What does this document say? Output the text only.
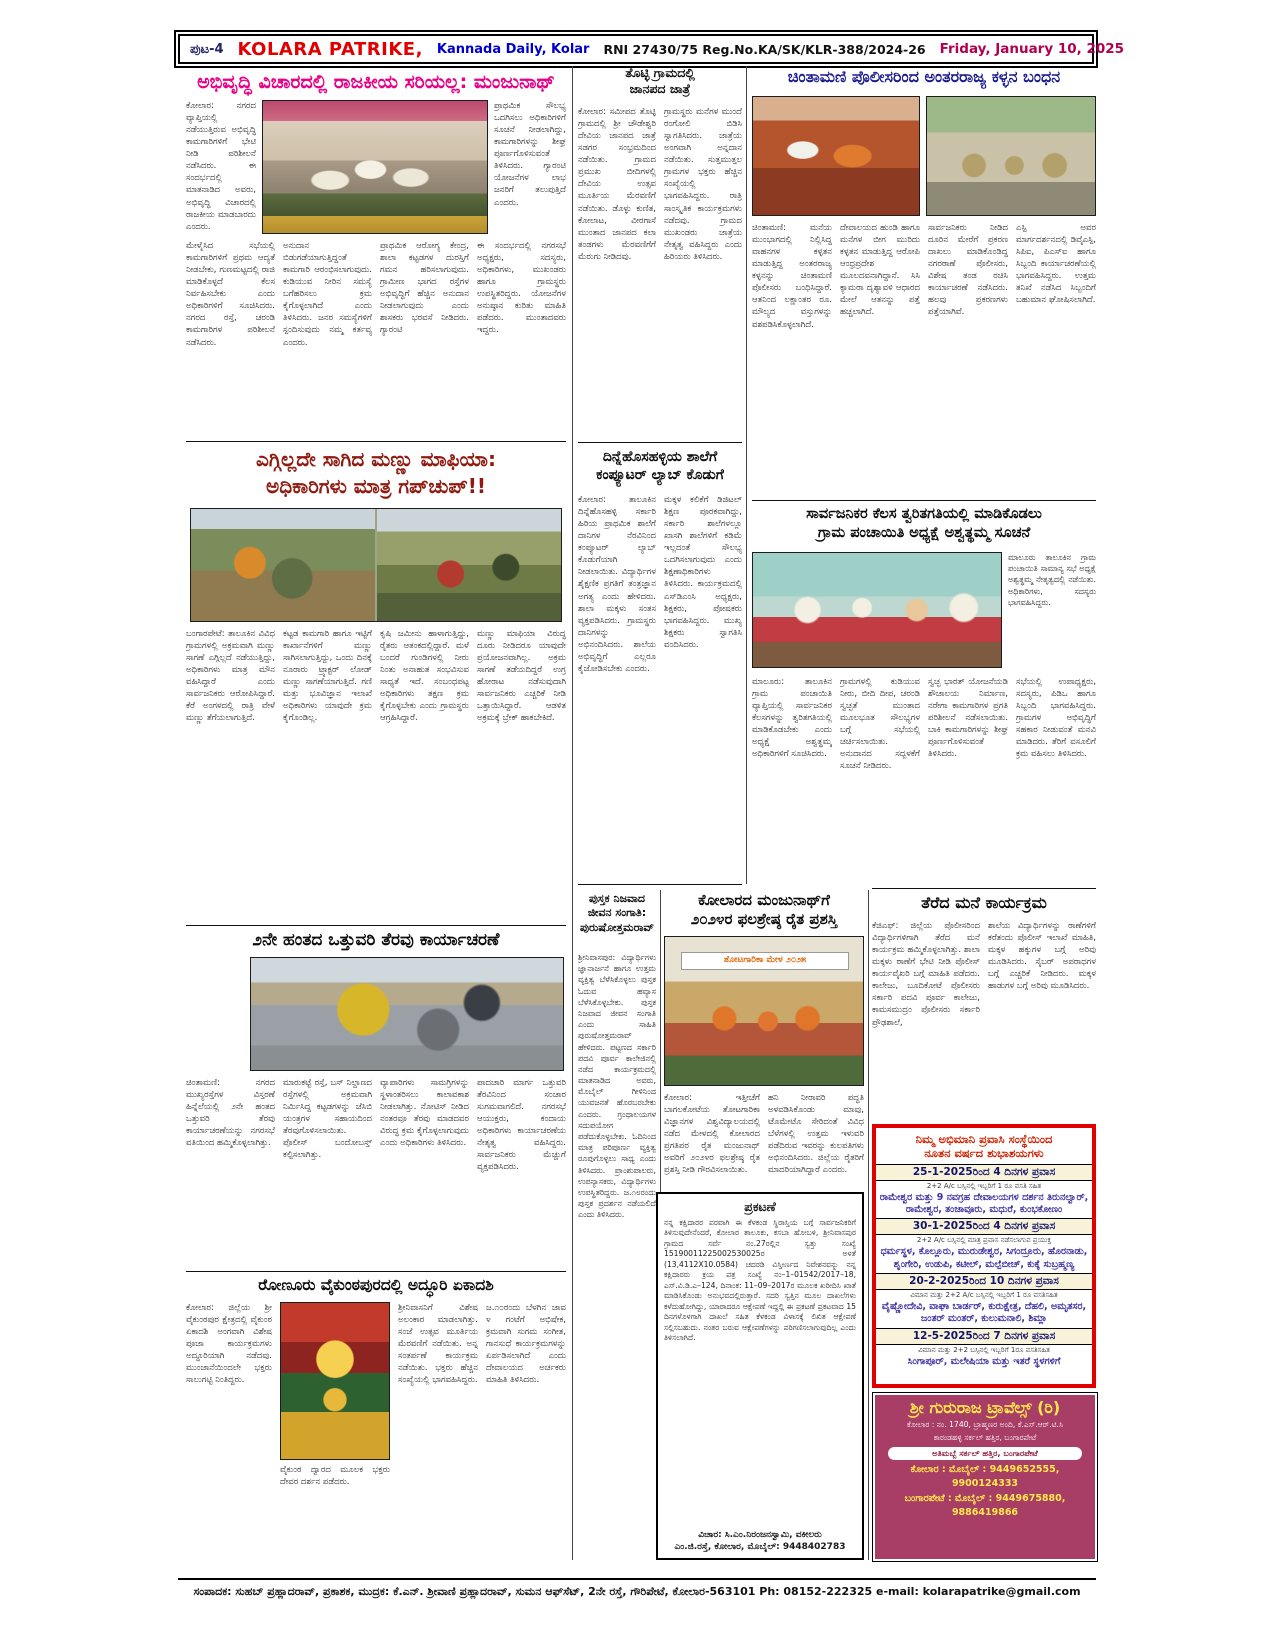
ಪುಟ-4 KOLARA PATRIKE, Kannada Daily, Kolar RNI 27430/75 Reg.No.KA/SK/KLR-388/2024-26 Friday, January 10, 2025
ಅಭಿವೃದ್ಧಿ ವಿಚಾರದಲ್ಲಿ ರಾಜಕೀಯ ಸರಿಯಲ್ಲ: ಮಂಜುನಾಥ್
ಕೋಲಾರ: ನಗರದ ವ್ಯಾಪ್ತಿಯಲ್ಲಿ ನಡೆಯುತ್ತಿರುವ ಅಭಿವೃದ್ಧಿ ಕಾಮಗಾರಿಗಳಿಗೆ ಭೇಟಿ ನೀಡಿ ಪರಿಶೀಲನೆ ನಡೆಸಿದರು. ಈ ಸಂದರ್ಭದಲ್ಲಿ ಮಾತನಾಡಿದ ಅವರು, ಅಭಿವೃದ್ಧಿ ವಿಚಾರದಲ್ಲಿ ರಾಜಕೀಯ ಮಾಡಬಾರದು ಎಂದರು.
ಪ್ರಾಥಮಿಕ ಸೌಲಭ್ಯ ಒದಗಿಸಲು ಅಧಿಕಾರಿಗಳಿಗೆ ಸೂಚನೆ ನೀಡಲಾಗಿದ್ದು, ಕಾಮಗಾರಿಗಳನ್ನು ಶೀಘ್ರ ಪೂರ್ಣಗೊಳಿಸುವಂತೆ ತಿಳಿಸಿದರು. ಗ್ಯಾರಂಟಿ ಯೋಜನೆಗಳ ಲಾಭ ಜನರಿಗೆ ತಲುಪುತ್ತಿದೆ ಎಂದರು.
ಮೇಳೈಸಿದ ಸಭೆಯಲ್ಲಿ ಕಾಮಗಾರಿಗಳಿಗೆ ಪ್ರಥಮ ಆದ್ಯತೆ ನೀಡಬೇಕು, ಗುಣಮಟ್ಟದಲ್ಲಿ ರಾಜಿ ಮಾಡಿಕೊಳ್ಳದೆ ಕೆಲಸ ನಿರ್ವಹಿಸಬೇಕು ಎಂದು ಅಧಿಕಾರಿಗಳಿಗೆ ಸೂಚಿಸಿದರು. ನಗರದ ರಸ್ತೆ, ಚರಂಡಿ ಕಾಮಗಾರಿಗಳ ಪರಿಶೀಲನೆ ನಡೆಸಿದರು.
ಅನುದಾನ ಬಿಡುಗಡೆಯಾಗುತ್ತಿದ್ದಂತೆ ಕಾಮಗಾರಿ ಆರಂಭಿಸಲಾಗುವುದು. ಕುಡಿಯುವ ನೀರಿನ ಸಮಸ್ಯೆ ಬಗೆಹರಿಸಲು ಕ್ರಮ ಕೈಗೊಳ್ಳಲಾಗಿದೆ ಎಂದು ತಿಳಿಸಿದರು. ಜನರ ಸಮಸ್ಯೆಗಳಿಗೆ ಸ್ಪಂದಿಸುವುದು ನಮ್ಮ ಕರ್ತವ್ಯ ಎಂದರು.
ಪ್ರಾಥಮಿಕ ಆರೋಗ್ಯ ಕೇಂದ್ರ, ಶಾಲಾ ಕಟ್ಟಡಗಳ ದುರಸ್ತಿಗೆ ಗಮನ ಹರಿಸಲಾಗುವುದು. ಗ್ರಾಮೀಣ ಭಾಗದ ರಸ್ತೆಗಳ ಅಭಿವೃದ್ಧಿಗೆ ಹೆಚ್ಚಿನ ಅನುದಾನ ನೀಡಲಾಗುವುದು ಎಂದು ಶಾಸಕರು ಭರವಸೆ ನೀಡಿದರು. ಗ್ಯಾರಂಟಿ
ಈ ಸಂದರ್ಭದಲ್ಲಿ ನಗರಸಭೆ ಅಧ್ಯಕ್ಷರು, ಸದಸ್ಯರು, ಅಧಿಕಾರಿಗಳು, ಮುಖಂಡರು ಹಾಗೂ ಗ್ರಾಮಸ್ಥರು ಉಪಸ್ಥಿತರಿದ್ದರು. ಯೋಜನೆಗಳ ಅನುಷ್ಠಾನ ಕುರಿತು ಮಾಹಿತಿ ಪಡೆದರು. ಮುಂತಾದವರು ಇದ್ದರು.
ಎಗ್ಗಿಲ್ಲದೇ ಸಾಗಿದ ಮಣ್ಣು ಮಾಫಿಯಾ:
ಅಧಿಕಾರಿಗಳು ಮಾತ್ರ ಗಪ್‌ಚುಪ್!!
ಬಂಗಾರಪೇಟೆ: ತಾಲೂಕಿನ ವಿವಿಧ ಗ್ರಾಮಗಳಲ್ಲಿ ಅಕ್ರಮವಾಗಿ ಮಣ್ಣು ಸಾಗಣೆ ಎಗ್ಗಿಲ್ಲದೆ ನಡೆಯುತ್ತಿದ್ದು, ಅಧಿಕಾರಿಗಳು ಮಾತ್ರ ಮೌನ ವಹಿಸಿದ್ದಾರೆ ಎಂದು ಸಾರ್ವಜನಿಕರು ಆರೋಪಿಸಿದ್ದಾರೆ. ಕೆರೆ ಅಂಗಳದಲ್ಲಿ ರಾತ್ರಿ ವೇಳೆ ಮಣ್ಣು ತೆಗೆಯಲಾಗುತ್ತಿದೆ.
ಕಟ್ಟಡ ಕಾಮಗಾರಿ ಹಾಗೂ ಇಟ್ಟಿಗೆ ಕಾರ್ಖಾನೆಗಳಿಗೆ ಮಣ್ಣು ಸಾಗಿಸಲಾಗುತ್ತಿದ್ದು, ಒಂದು ದಿನಕ್ಕೆ ನೂರಾರು ಟ್ರ್ಯಾಕ್ಟರ್ ಲೋಡ್ ಮಣ್ಣು ಸಾಗಣೆಯಾಗುತ್ತಿದೆ. ಗಣಿ ಮತ್ತು ಭೂವಿಜ್ಞಾನ ಇಲಾಖೆ ಅಧಿಕಾರಿಗಳು ಯಾವುದೇ ಕ್ರಮ ಕೈಗೊಂಡಿಲ್ಲ.
ಕೃಷಿ ಜಮೀನು ಹಾಳಾಗುತ್ತಿದ್ದು, ರೈತರು ಆತಂಕದಲ್ಲಿದ್ದಾರೆ. ಮಳೆ ಬಂದರೆ ಗುಂಡಿಗಳಲ್ಲಿ ನೀರು ನಿಂತು ಅನಾಹುತ ಸಂಭವಿಸುವ ಸಾಧ್ಯತೆ ಇದೆ. ಸಂಬಂಧಪಟ್ಟ ಅಧಿಕಾರಿಗಳು ತಕ್ಷಣ ಕ್ರಮ ಕೈಗೊಳ್ಳಬೇಕು ಎಂದು ಗ್ರಾಮಸ್ಥರು ಆಗ್ರಹಿಸಿದ್ದಾರೆ.
ಮಣ್ಣು ಮಾಫಿಯಾ ವಿರುದ್ಧ ದೂರು ನೀಡಿದರೂ ಯಾವುದೇ ಪ್ರಯೋಜನವಾಗಿಲ್ಲ. ಅಕ್ರಮ ಸಾಗಣೆ ತಡೆಯದಿದ್ದರೆ ಉಗ್ರ ಹೋರಾಟ ನಡೆಸುವುದಾಗಿ ಸಾರ್ವಜನಿಕರು ಎಚ್ಚರಿಕೆ ನೀಡಿ ಒತ್ತಾಯಿಸಿದ್ದಾರೆ. ಆಡಳಿತ ಅಕ್ರಮಕ್ಕೆ ಬ್ರೇಕ್ ಹಾಕಬೇಕಿದೆ.
೨ನೇ ಹಂತದ ಒತ್ತುವರಿ ತೆರವು ಕಾರ್ಯಾಚರಣೆ
ಚಿಂತಾಮಣಿ: ನಗರದ ಮುಖ್ಯರಸ್ತೆಗಳ ವಿಸ್ತರಣೆ ಹಿನ್ನೆಲೆಯಲ್ಲಿ ೨ನೇ ಹಂತದ ಒತ್ತುವರಿ ತೆರವು ಕಾರ್ಯಾಚರಣೆಯನ್ನು ನಗರಸಭೆ ವತಿಯಿಂದ ಹಮ್ಮಿಕೊಳ್ಳಲಾಗಿತ್ತು.
ಮಾರುಕಟ್ಟೆ ರಸ್ತೆ, ಬಸ್ ನಿಲ್ದಾಣದ ರಸ್ತೆಗಳಲ್ಲಿ ಅಕ್ರಮವಾಗಿ ನಿರ್ಮಿಸಿದ್ದ ಕಟ್ಟಡಗಳನ್ನು ಜೆಸಿಬಿ ಯಂತ್ರಗಳ ಸಹಾಯದಿಂದ ತೆರವುಗೊಳಿಸಲಾಯಿತು. ಪೊಲೀಸ್ ಬಂದೋಬಸ್ತ್ ಕಲ್ಪಿಸಲಾಗಿತ್ತು.
ವ್ಯಾಪಾರಿಗಳು ಸಾಮಗ್ರಿಗಳನ್ನು ಸ್ಥಳಾಂತರಿಸಲು ಕಾಲಾವಕಾಶ ನೀಡಲಾಗಿತ್ತು. ನೋಟಿಸ್ ನೀಡಿದ ನಂತರವೂ ತೆರವು ಮಾಡದವರ ವಿರುದ್ಧ ಕ್ರಮ ಕೈಗೊಳ್ಳಲಾಗುವುದು ಎಂದು ಅಧಿಕಾರಿಗಳು ತಿಳಿಸಿದರು.
ಪಾದಚಾರಿ ಮಾರ್ಗ ಒತ್ತುವರಿ ತೆರವಿನಿಂದ ಸಂಚಾರ ಸುಗಮವಾಗಲಿದೆ. ನಗರಸಭೆ ಆಯುಕ್ತರು, ಕಂದಾಯ ಅಧಿಕಾರಿಗಳು ಕಾರ್ಯಾಚರಣೆಯ ನೇತೃತ್ವ ವಹಿಸಿದ್ದರು. ಸಾರ್ವಜನಿಕರು ಮೆಚ್ಚುಗೆ ವ್ಯಕ್ತಪಡಿಸಿದರು.
ರೋಣೂರು ವೈಕುಂಠಪುರದಲ್ಲಿ ಅದ್ಧೂರಿ ಏಕಾದಶಿ
ಕೋಲಾರ: ಜಿಲ್ಲೆಯ ಶ್ರೀ ವೈಕುಂಠಪುರ ಕ್ಷೇತ್ರದಲ್ಲಿ ವೈಕುಂಠ ಏಕಾದಶಿ ಅಂಗವಾಗಿ ವಿಶೇಷ ಪೂಜಾ ಕಾರ್ಯಕ್ರಮಗಳು ಅದ್ಧೂರಿಯಾಗಿ ನಡೆದವು. ಮುಂಜಾನೆಯಿಂದಲೇ ಭಕ್ತರು ಸಾಲುಗಟ್ಟಿ ನಿಂತಿದ್ದರು.
ವೈಕುಂಠ ದ್ವಾರದ ಮೂಲಕ ಭಕ್ತರು ದೇವರ ದರ್ಶನ ಪಡೆದರು.
ಶ್ರೀನಿವಾಸನಿಗೆ ವಿಶೇಷ ಅಲಂಕಾರ ಮಾಡಲಾಗಿತ್ತು. ಸಂಜೆ ಉತ್ಸವ ಮೂರ್ತಿಯ ಮೆರವಣಿಗೆ ನಡೆಯಿತು. ಅನ್ನ ಸಂತರ್ಪಣೆ ಕಾರ್ಯಕ್ರಮ ನಡೆಯಿತು. ಭಕ್ತರು ಹೆಚ್ಚಿನ ಸಂಖ್ಯೆಯಲ್ಲಿ ಭಾಗವಹಿಸಿದ್ದರು.
ಜ.೧೦ರಂದು ಬೆಳಗಿನ ಜಾವ ೪ ಗಂಟೆಗೆ ಅಭಿಷೇಕ, ಕ್ರಮವಾಗಿ ಸುಗಮ ಸಂಗೀತ, ಗಾನಸುಧೆ ಕಾರ್ಯಕ್ರಮಗಳನ್ನು ಏರ್ಪಡಿಸಲಾಗಿದೆ ಎಂದು ದೇವಾಲಯದ ಅರ್ಚಕರು ಮಾಹಿತಿ ತಿಳಿಸಿದರು.
ತೊಟ್ಳಿ ಗ್ರಾಮದಲ್ಲಿ
ಜಾನಪದ ಜಾತ್ರೆ
ಕೋಲಾರ: ಸಮೀಪದ ತೊಟ್ಳಿ ಗ್ರಾಮದಲ್ಲಿ ಶ್ರೀ ಚೌಡೇಶ್ವರಿ ದೇವಿಯ ಜಾನಪದ ಜಾತ್ರೆ ಸಡಗರ ಸಂಭ್ರಮದಿಂದ ನಡೆಯಿತು. ಗ್ರಾಮದ ಪ್ರಮುಖ ಬೀದಿಗಳಲ್ಲಿ ದೇವಿಯ ಉತ್ಸವ ಮೂರ್ತಿಯ ಮೆರವಣಿಗೆ ನಡೆಯಿತು. ಡೊಳ್ಳು ಕುಣಿತ, ಕೋಲಾಟ, ವೀರಗಾಸೆ ಮುಂತಾದ ಜಾನಪದ ಕಲಾ ತಂಡಗಳು ಮೆರವಣಿಗೆಗೆ ಮೆರುಗು ನೀಡಿದವು.
ಗ್ರಾಮಸ್ಥರು ಮನೆಗಳ ಮುಂದೆ ರಂಗೋಲಿ ಬಿಡಿಸಿ ಸ್ವಾಗತಿಸಿದರು. ಜಾತ್ರೆಯ ಅಂಗವಾಗಿ ಅನ್ನದಾನ ನಡೆಯಿತು. ಸುತ್ತಮುತ್ತಲ ಗ್ರಾಮಗಳ ಭಕ್ತರು ಹೆಚ್ಚಿನ ಸಂಖ್ಯೆಯಲ್ಲಿ ಭಾಗವಹಿಸಿದ್ದರು. ರಾತ್ರಿ ಸಾಂಸ್ಕೃತಿಕ ಕಾರ್ಯಕ್ರಮಗಳು ನಡೆದವು. ಗ್ರಾಮದ ಮುಖಂಡರು ಜಾತ್ರೆಯ ನೇತೃತ್ವ ವಹಿಸಿದ್ದರು ಎಂದು ಹಿರಿಯರು ತಿಳಿಸಿದರು.
ದಿನ್ನೆಹೊಸಹಳ್ಳಿಯ ಶಾಲೆಗೆ
ಕಂಪ್ಯೂಟರ್ ಲ್ಯಾಬ್ ಕೊಡುಗೆ
ಕೋಲಾರ: ತಾಲೂಕಿನ ದಿನ್ನೆಹೊಸಹಳ್ಳಿ ಸರ್ಕಾರಿ ಹಿರಿಯ ಪ್ರಾಥಮಿಕ ಶಾಲೆಗೆ ದಾನಿಗಳ ನೆರವಿನಿಂದ ಕಂಪ್ಯೂಟರ್ ಲ್ಯಾಬ್ ಕೊಡುಗೆಯಾಗಿ ನೀಡಲಾಯಿತು. ವಿದ್ಯಾರ್ಥಿಗಳ ಶೈಕ್ಷಣಿಕ ಪ್ರಗತಿಗೆ ತಂತ್ರಜ್ಞಾನ ಅಗತ್ಯ ಎಂದು ಹೇಳಿದರು. ಶಾಲಾ ಮಕ್ಕಳು ಸಂತಸ ವ್ಯಕ್ತಪಡಿಸಿದರು. ಗ್ರಾಮಸ್ಥರು ದಾನಿಗಳನ್ನು ಅಭಿನಂದಿಸಿದರು. ಶಾಲೆಯ ಅಭಿವೃದ್ಧಿಗೆ ಎಲ್ಲರೂ ಕೈಜೋಡಿಸಬೇಕು ಎಂದರು.
ಮಕ್ಕಳ ಕಲಿಕೆಗೆ ಡಿಜಿಟಲ್ ಶಿಕ್ಷಣ ಪೂರಕವಾಗಿದ್ದು, ಸರ್ಕಾರಿ ಶಾಲೆಗಳಲ್ಲೂ ಖಾಸಗಿ ಶಾಲೆಗಳಿಗೆ ಕಡಿಮೆ ಇಲ್ಲದಂತೆ ಸೌಲಭ್ಯ ಒದಗಿಸಲಾಗುವುದು ಎಂದು ಶಿಕ್ಷಣಾಧಿಕಾರಿಗಳು ತಿಳಿಸಿದರು. ಕಾರ್ಯಕ್ರಮದಲ್ಲಿ ಎಸ್‌ಡಿಎಂಸಿ ಅಧ್ಯಕ್ಷರು, ಶಿಕ್ಷಕರು, ಪೋಷಕರು ಭಾಗವಹಿಸಿದ್ದರು. ಮುಖ್ಯ ಶಿಕ್ಷಕರು ಸ್ವಾಗತಿಸಿ ವಂದಿಸಿದರು.
ಪುಸ್ತಕ ನಿಜವಾದ ಜೀವನ ಸಂಗಾತಿ: ಪುರುಷೋತ್ತಮರಾವ್
ಶ್ರೀನಿವಾಸಪುರ: ವಿದ್ಯಾರ್ಥಿಗಳು ಜ್ಞಾನಾರ್ಜನೆ ಹಾಗೂ ಉತ್ತಮ ವ್ಯಕ್ತಿತ್ವ ಬೆಳೆಸಿಕೊಳ್ಳಲು ಪುಸ್ತಕ ಓದುವ ಹವ್ಯಾಸ ಬೆಳೆಸಿಕೊಳ್ಳಬೇಕು. ಪುಸ್ತಕ ನಿಜವಾದ ಜೀವನ ಸಂಗಾತಿ ಎಂದು ಸಾಹಿತಿ ಪುರುಷೋತ್ತಮರಾವ್ ಹೇಳಿದರು. ಪಟ್ಟಣದ ಸರ್ಕಾರಿ ಪದವಿ ಪೂರ್ವ ಕಾಲೇಜಿನಲ್ಲಿ ನಡೆದ ಕಾರ್ಯಕ್ರಮದಲ್ಲಿ ಮಾತನಾಡಿದ ಅವರು, ಮೊಬೈಲ್ ಗೀಳಿನಿಂದ ಯುವಜನತೆ ಹೊರಬರಬೇಕು ಎಂದರು. ಗ್ರಂಥಾಲಯಗಳ ಸದುಪಯೋಗ ಪಡೆದುಕೊಳ್ಳಬೇಕು. ಓದಿನಿಂದ ಮಾತ್ರ ಪರಿಪೂರ್ಣ ವ್ಯಕ್ತಿತ್ವ ರೂಪುಗೊಳ್ಳಲು ಸಾಧ್ಯ ಎಂದು ತಿಳಿಸಿದರು. ಪ್ರಾಂಶುಪಾಲರು, ಉಪನ್ಯಾಸಕರು, ವಿದ್ಯಾರ್ಥಿಗಳು ಉಪಸ್ಥಿತರಿದ್ದರು. ಜ.೧೮ರಂದು ಪುಸ್ತಕ ಪ್ರದರ್ಶನ ನಡೆಯಲಿದೆ ಎಂದು ತಿಳಿಸಿದರು.
ಕೋಲಾರದ ಮಂಜುನಾಥ್‌ಗೆ
೨೦೨೪ರ ಫಲಶ್ರೇಷ್ಠ ರೈತ ಪ್ರಶಸ್ತಿ
ತೋಟಗಾರಿಕಾ ಮೇಳ ೨೦೨೫
ಕೋಲಾರ: ಇತ್ತೀಚೆಗೆ ಬಾಗಲಕೋಟೆಯ ತೋಟಗಾರಿಕಾ ವಿಜ್ಞಾನಗಳ ವಿಶ್ವವಿದ್ಯಾಲಯದಲ್ಲಿ ನಡೆದ ಮೇಳದಲ್ಲಿ ಕೋಲಾರದ ಪ್ರಗತಿಪರ ರೈತ ಮಂಜುನಾಥ್ ಅವರಿಗೆ ೨೦೨೪ರ ಫಲಶ್ರೇಷ್ಠ ರೈತ ಪ್ರಶಸ್ತಿ ನೀಡಿ ಗೌರವಿಸಲಾಯಿತು.
ಹನಿ ನೀರಾವರಿ ಪದ್ಧತಿ ಅಳವಡಿಸಿಕೊಂಡು ಮಾವು, ಟೊಮೇಟೊ ಸೇರಿದಂತೆ ವಿವಿಧ ಬೆಳೆಗಳಲ್ಲಿ ಉತ್ತಮ ಇಳುವರಿ ಪಡೆದಿರುವ ಇವರನ್ನು ಕುಲಪತಿಗಳು ಅಭಿನಂದಿಸಿದರು. ಜಿಲ್ಲೆಯ ರೈತರಿಗೆ ಮಾದರಿಯಾಗಿದ್ದಾರೆ ಎಂದರು.
ಪ್ರಕಟಣೆ
ನನ್ನ ಕಕ್ಷಿದಾರರ ಪರವಾಗಿ ಈ ಕೆಳಕಂಡ ಸ್ಥಿರಾಸ್ತಿಯ ಬಗ್ಗೆ ಸಾರ್ವಜನಿಕರಿಗೆ ತಿಳಿಸುವುದೇನೆಂದರೆ, ಕೋಲಾರ ತಾಲೂಕು, ಕಸಬಾ ಹೋಬಳಿ, ಶ್ರೀನಿವಾಸಪುರ ಗ್ರಾಮದ ಸರ್ವೆ ನಂ.27ರಲ್ಲಿನ ಸ್ವತ್ತು ಸಂಖ್ಯೆ 15190011225002530025ರ ಅಳತೆ (13,4112X10.0584) ಚದರಡಿ ವಿಸ್ತೀರ್ಣದ ನಿವೇಶನವನ್ನು ನನ್ನ ಕಕ್ಷಿದಾರರು ಕ್ರಯ ಪತ್ರ ಸಂಖ್ಯೆ ನಂ–1–01542/2017–18, ಎಸ್.ವಿ.ಡಿ.ಎ–124, ದಿನಾಂಕ: 11–09–2017ರ ಮೂಲಕ ಖರೀದಿಸಿ ಖಾತೆ ಮಾಡಿಸಿಕೊಂಡು ಅನುಭವದಲ್ಲಿರುತ್ತಾರೆ. ಸದರಿ ಸ್ವತ್ತಿನ ಮೂಲ ದಾಖಲೆಗಳು ಕಳೆದುಹೋಗಿದ್ದು, ಯಾರಾದರೂ ಆಕ್ಷೇಪಣೆ ಇದ್ದಲ್ಲಿ ಈ ಪ್ರಕಟಣೆ ಪ್ರಕಟವಾದ 15 ದಿನಗಳೊಳಗಾಗಿ ದಾಖಲೆ ಸಹಿತ ಕೆಳಕಂಡ ವಿಳಾಸಕ್ಕೆ ಲಿಖಿತ ಆಕ್ಷೇಪಣೆ ಸಲ್ಲಿಸಬಹುದು. ನಂತರ ಬರುವ ಆಕ್ಷೇಪಣೆಗಳನ್ನು ಪರಿಗಣಿಸಲಾಗುವುದಿಲ್ಲ ಎಂದು ತಿಳಿಸಲಾಗಿದೆ.
ವಿಚಾರ: ಸಿ.ಎಂ.ನಿರಂಜನಸ್ವಾಮಿ, ವಕೀಲರು
ಎಂ.ಜಿ.ರಸ್ತೆ, ಕೋಲಾರ, ಮೊಬೈಲ್: 9448402783
ಚಿಂತಾಮಣಿ ಪೊಲೀಸರಿಂದ ಅಂತರರಾಜ್ಯ ಕಳ್ಳನ ಬಂಧನ
ಚಿಂತಾಮಣಿ: ಮನೆಯ ಮುಂಭಾಗದಲ್ಲಿ ನಿಲ್ಲಿಸಿದ್ದ ವಾಹನಗಳ ಕಳ್ಳತನ ಮಾಡುತ್ತಿದ್ದ ಅಂತರರಾಜ್ಯ ಕಳ್ಳನನ್ನು ಚಿಂತಾಮಣಿ ಪೊಲೀಸರು ಬಂಧಿಸಿದ್ದಾರೆ. ಆತನಿಂದ ಲಕ್ಷಾಂತರ ರೂ. ಮೌಲ್ಯದ ವಸ್ತುಗಳನ್ನು ವಶಪಡಿಸಿಕೊಳ್ಳಲಾಗಿದೆ.
ದೇವಾಲಯದ ಹುಂಡಿ ಹಾಗೂ ಮನೆಗಳ ಬೀಗ ಮುರಿದು ಕಳ್ಳತನ ಮಾಡುತ್ತಿದ್ದ ಆರೋಪಿ ಆಂಧ್ರಪ್ರದೇಶ ಮೂಲದವನಾಗಿದ್ದಾನೆ. ಸಿಸಿ ಕ್ಯಾಮರಾ ದೃಶ್ಯಾವಳಿ ಆಧಾರದ ಮೇಲೆ ಆತನನ್ನು ಪತ್ತೆ ಹಚ್ಚಲಾಗಿದೆ.
ಸಾರ್ವಜನಿಕರು ನೀಡಿದ ದೂರಿನ ಮೇರೆಗೆ ಪ್ರಕರಣ ದಾಖಲು ಮಾಡಿಕೊಂಡಿದ್ದ ನಗರಠಾಣೆ ಪೊಲೀಸರು, ವಿಶೇಷ ತಂಡ ರಚಿಸಿ ಕಾರ್ಯಾಚರಣೆ ನಡೆಸಿದರು. ಹಲವು ಪ್ರಕರಣಗಳು ಪತ್ತೆಯಾಗಿವೆ.
ಎಸ್ಪಿ ಅವರ ಮಾರ್ಗದರ್ಶನದಲ್ಲಿ ಡಿವೈಎಸ್ಪಿ, ಸಿಪಿಐ, ಪಿಎಸ್ಐ ಹಾಗೂ ಸಿಬ್ಬಂದಿ ಕಾರ್ಯಾಚರಣೆಯಲ್ಲಿ ಭಾಗವಹಿಸಿದ್ದರು. ಉತ್ತಮ ತನಿಖೆ ನಡೆಸಿದ ಸಿಬ್ಬಂದಿಗೆ ಬಹುಮಾನ ಘೋಷಿಸಲಾಗಿದೆ.
ಸಾರ್ವಜನಿಕರ ಕೆಲಸ ತ್ವರಿತಗತಿಯಲ್ಲಿ ಮಾಡಿಕೊಡಲು
ಗ್ರಾಮ ಪಂಚಾಯಿತಿ ಅಧ್ಯಕ್ಷೆ ಅಶ್ವತ್ಥಮ್ಮ ಸೂಚನೆ
ಮಾಲೂರು ತಾಲೂಕಿನ ಗ್ರಾಮ ಪಂಚಾಯಿತಿ ಸಾಮಾನ್ಯ ಸಭೆ ಅಧ್ಯಕ್ಷೆ ಅಶ್ವತ್ಥಮ್ಮ ನೇತೃತ್ವದಲ್ಲಿ ನಡೆಯಿತು. ಅಧಿಕಾರಿಗಳು, ಸದಸ್ಯರು ಭಾಗವಹಿಸಿದ್ದರು.
ಮಾಲೂರು: ತಾಲೂಕಿನ ಗ್ರಾಮ ಪಂಚಾಯಿತಿ ವ್ಯಾಪ್ತಿಯಲ್ಲಿ ಸಾರ್ವಜನಿಕರ ಕೆಲಸಗಳನ್ನು ತ್ವರಿತಗತಿಯಲ್ಲಿ ಮಾಡಿಕೊಡಬೇಕು ಎಂದು ಅಧ್ಯಕ್ಷೆ ಅಶ್ವತ್ಥಮ್ಮ ಅಧಿಕಾರಿಗಳಿಗೆ ಸೂಚಿಸಿದರು.
ಗ್ರಾಮಗಳಲ್ಲಿ ಕುಡಿಯುವ ನೀರು, ಬೀದಿ ದೀಪ, ಚರಂಡಿ ಸ್ವಚ್ಛತೆ ಮುಂತಾದ ಮೂಲಭೂತ ಸೌಲಭ್ಯಗಳ ಬಗ್ಗೆ ಸಭೆಯಲ್ಲಿ ಚರ್ಚಿಸಲಾಯಿತು. ಅನುದಾನದ ಸದ್ಬಳಕೆಗೆ ಸೂಚನೆ ನೀಡಿದರು.
ಸ್ವಚ್ಛ ಭಾರತ್ ಯೋಜನೆಯಡಿ ಶೌಚಾಲಯ ನಿರ್ಮಾಣ, ನರೇಗಾ ಕಾಮಗಾರಿಗಳ ಪ್ರಗತಿ ಪರಿಶೀಲನೆ ನಡೆಸಲಾಯಿತು. ಬಾಕಿ ಕಾಮಗಾರಿಗಳನ್ನು ಶೀಘ್ರ ಪೂರ್ಣಗೊಳಿಸುವಂತೆ ತಿಳಿಸಿದರು.
ಸಭೆಯಲ್ಲಿ ಉಪಾಧ್ಯಕ್ಷರು, ಸದಸ್ಯರು, ಪಿಡಿಒ ಹಾಗೂ ಸಿಬ್ಬಂದಿ ಭಾಗವಹಿಸಿದ್ದರು. ಗ್ರಾಮಗಳ ಅಭಿವೃದ್ಧಿಗೆ ಸಹಕಾರ ನೀಡುವಂತೆ ಮನವಿ ಮಾಡಿದರು. ತೆರಿಗೆ ವಸೂಲಿಗೆ ಕ್ರಮ ವಹಿಸಲು ತಿಳಿಸಿದರು.
ತೆರೆದ ಮನೆ ಕಾರ್ಯಕ್ರಮ
ಕೆಜಿಎಫ್: ಜಿಲ್ಲೆಯ ಪೊಲೀಸರಿಂದ ವಿದ್ಯಾರ್ಥಿಗಳಿಗಾಗಿ ತೆರೆದ ಮನೆ ಕಾರ್ಯಕ್ರಮ ಹಮ್ಮಿಕೊಳ್ಳಲಾಗಿತ್ತು. ಶಾಲಾ ಮಕ್ಕಳು ಠಾಣೆಗೆ ಭೇಟಿ ನೀಡಿ ಪೊಲೀಸ್ ಕಾರ್ಯವೈಖರಿ ಬಗ್ಗೆ ಮಾಹಿತಿ ಪಡೆದರು. ಕಾಲೇಜು, ಬೂದಿಕೋಟೆ ಪೊಲೀಸರು ಸರ್ಕಾರಿ ಪದವಿ ಪೂರ್ವ ಕಾಲೇಜು, ಕಾಮಸಮುದ್ರಂ ಪೊಲೀಸರು ಸರ್ಕಾರಿ ಪ್ರೌಢಶಾಲೆ,
ಶಾಲೆಯ ವಿದ್ಯಾರ್ಥಿಗಳನ್ನು ಠಾಣೆಗಳಿಗೆ ಕರೆತಂದು ಪೊಲೀಸ್ ಇಲಾಖೆ ಮಾಹಿತಿ, ಮಕ್ಕಳ ಹಕ್ಕುಗಳ ಬಗ್ಗೆ ಅರಿವು ಮೂಡಿಸಿದರು. ಸೈಬರ್ ಅಪರಾಧಗಳ ಬಗ್ಗೆ ಎಚ್ಚರಿಕೆ ನೀಡಿದರು. ಮಕ್ಕಳ ಹಾಡುಗಳ ಬಗ್ಗೆ ಅರಿವು ಮೂಡಿಸಿದರು.
ನಿಮ್ಮ ಅಭಿಮಾನಿ ಪ್ರವಾಸಿ ಸಂಸ್ಥೆಯಿಂದ
ನೂತನ ವರ್ಷದ ಶುಭಾಶಯಗಳು
25-1-2025ರಿಂದ 4 ದಿನಗಳ ಪ್ರವಾಸ
2+2 A/c ಬಸ್ಸಿನಲ್ಲಿ ಇಬ್ಬರಿಗೆ 1 ರೂ ವಸತಿ ಸಹಿತ
ರಾಮೇಶ್ವರ ಮತ್ತು 9 ನವಗ್ರಹ ದೇವಾಲಯಗಳ ದರ್ಶನ ತಿರುನಲ್ವಾರ್, ರಾಮೇಶ್ವರ, ತಂಜಾವೂರು, ಮಧುರೆ, ಕುಂಭಕೋಣಂ
30-1-2025ರಿಂದ 4 ದಿನಗಳ ಪ್ರವಾಸ
2+2 A/c ಬಸ್ಸಿನಲ್ಲಿ ಮಾತ್ರ ಪ್ರವಾಸ ನಡೆಸಲಾಗುವ ಪ್ರಯುಕ್ತ
ಧರ್ಮಸ್ಥಳ, ಕೊಲ್ಲೂರು, ಮುರುಡೇಶ್ವರ, ಸಿಗಂದ್ರೂರು, ಹೊರನಾಡು, ಶೃಂಗೇರಿ, ಉಡುಪಿ, ಕಟೀಲ್, ಮಲ್ಪೆಬೀಚ್, ಕುಕ್ಕೆ ಸುಬ್ರಹ್ಮಣ್ಯ
20-2-2025ರಿಂದ 10 ದಿನಗಳ ಪ್ರವಾಸ
ವಿಮಾನ ಮತ್ತು 2+2 A/c ಬಸ್ಸಿನಲ್ಲಿ ಇಬ್ಬರಿಗೆ 1 ರೂ ವಸತಿಸಹಿತ
ವೈಷ್ಣೋದೇವಿ, ವಾಘಾ ಬಾರ್ಡರ್, ಕುರುಕ್ಷೇತ್ರ, ದೆಹಲಿ, ಅಮೃತಸರ, ಜಂತರ್ ಮಂತರ್, ಕುಲುಮನಾಲಿ, ಶಿಮ್ಲಾ
12-5-2025ರಿಂದ 7 ದಿನಗಳ ಪ್ರವಾಸ
ವಿಮಾನ ಮತ್ತು 2+2 ಬಸ್ಸಿನಲ್ಲಿ ಇಬ್ಬರಿಗೆ 1ರೂ ವಸತಿಸಹಿತ
ಸಿಂಗಾಪೂರ್, ಮಲೇಷಿಯಾ ಮತ್ತು ಇತರೆ ಸ್ಥಳಗಳಿಗೆ
ಶ್ರೀ ಗುರುರಾಜ ಟ್ರಾವೆಲ್ಸ್ (ರಿ)
ಕೋಲಾರ : ನಂ. 1740, ಬ್ರಾಹ್ಮಣರ ಅಂದಿ, ಕೆ.ಎಸ್.ಆರ್.ಟಿ.ಸಿ
ಕಾರಂಡಹಳ್ಳಿ ಸರ್ಕಲ್ ಹತ್ತಿರ, ಬಂಗಾರಪೇಟೆ
ಅತಿಮಬ್ಬೆ ಸರ್ಕಲ್ ಹತ್ತಿರ, ಬಂಗಾರಪೇಟೆ
ಕೋಲಾರ : ಮೊಬೈಲ್ : 9449652555, 9900124333
ಬಂಗಾರಪೇಟೆ : ಮೊಬೈಲ್ : 9449675880, 9886419866
ಸಂಪಾದಕ: ಸುಹಬ್ ಪ್ರಹ್ಲಾದರಾವ್, ಪ್ರಕಾಶಕ, ಮುದ್ರಕ: ಕೆ.ಎನ್. ಶ್ರೀವಾಣಿ ಪ್ರಹ್ಲಾದರಾವ್, ಸುಮನ ಆಫ್‌ಸೆಟ್, 2ನೇ ರಸ್ತೆ, ಗೌರಿಪೇಟೆ, ಕೋಲಾರ-563101 Ph: 08152-222325 e-mail: kolarapatrike@gmail.com
